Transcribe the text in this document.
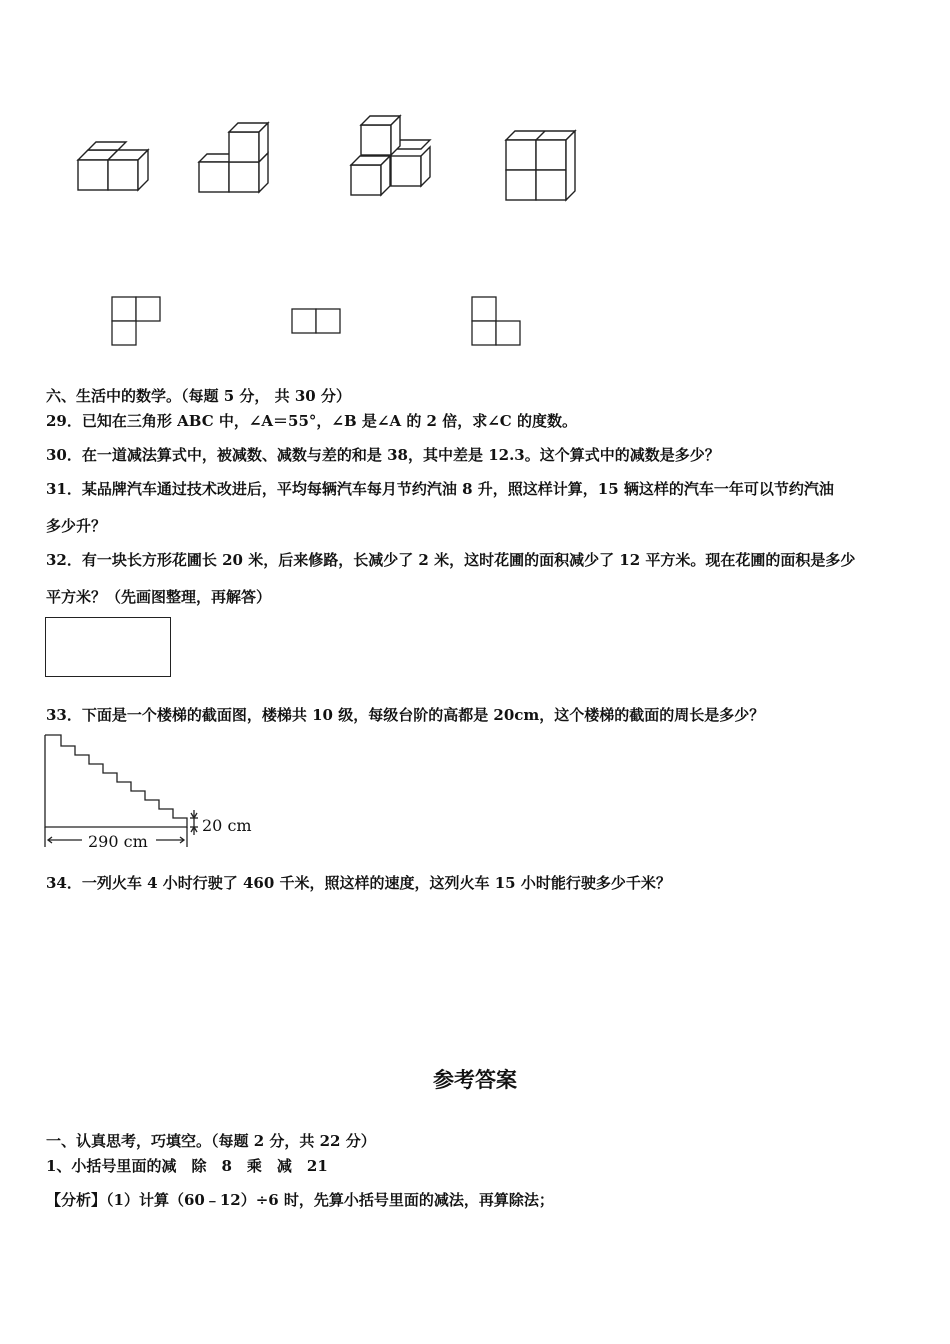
六、生活中的数学。（每题 5 分， 共 30 分）
29．已知在三角形 ABC 中，∠A＝55°，∠B 是∠A 的 2 倍，求∠C 的度数。
30．在一道减法算式中，被减数、减数与差的和是 38，其中差是 12.3。这个算式中的减数是多少？
31．某品牌汽车通过技术改进后，平均每辆汽车每月节约汽油 8 升，照这样计算，15 辆这样的汽车一年可以节约汽油
多少升？
32．有一块长方形花圃长 20 米，后来修路，长减少了 2 米，这时花圃的面积减少了 12 平方米。现在花圃的面积是多少
平方米？（先画图整理，再解答）
33．下面是一个楼梯的截面图，楼梯共 10 级，每级台阶的高都是 20cm，这个楼梯的截面的周长是多少？
290 cm
20 cm
34．一列火车 4 小时行驶了 460 千米，照这样的速度，这列火车 15 小时能行驶多少千米？
参考答案
一、认真思考，巧填空。（每题 2 分，共 22 分）
1、小括号里面的减　除　8　乘　减　21
【分析】（1）计算（60﹣12）÷6 时，先算小括号里面的减法，再算除法；
